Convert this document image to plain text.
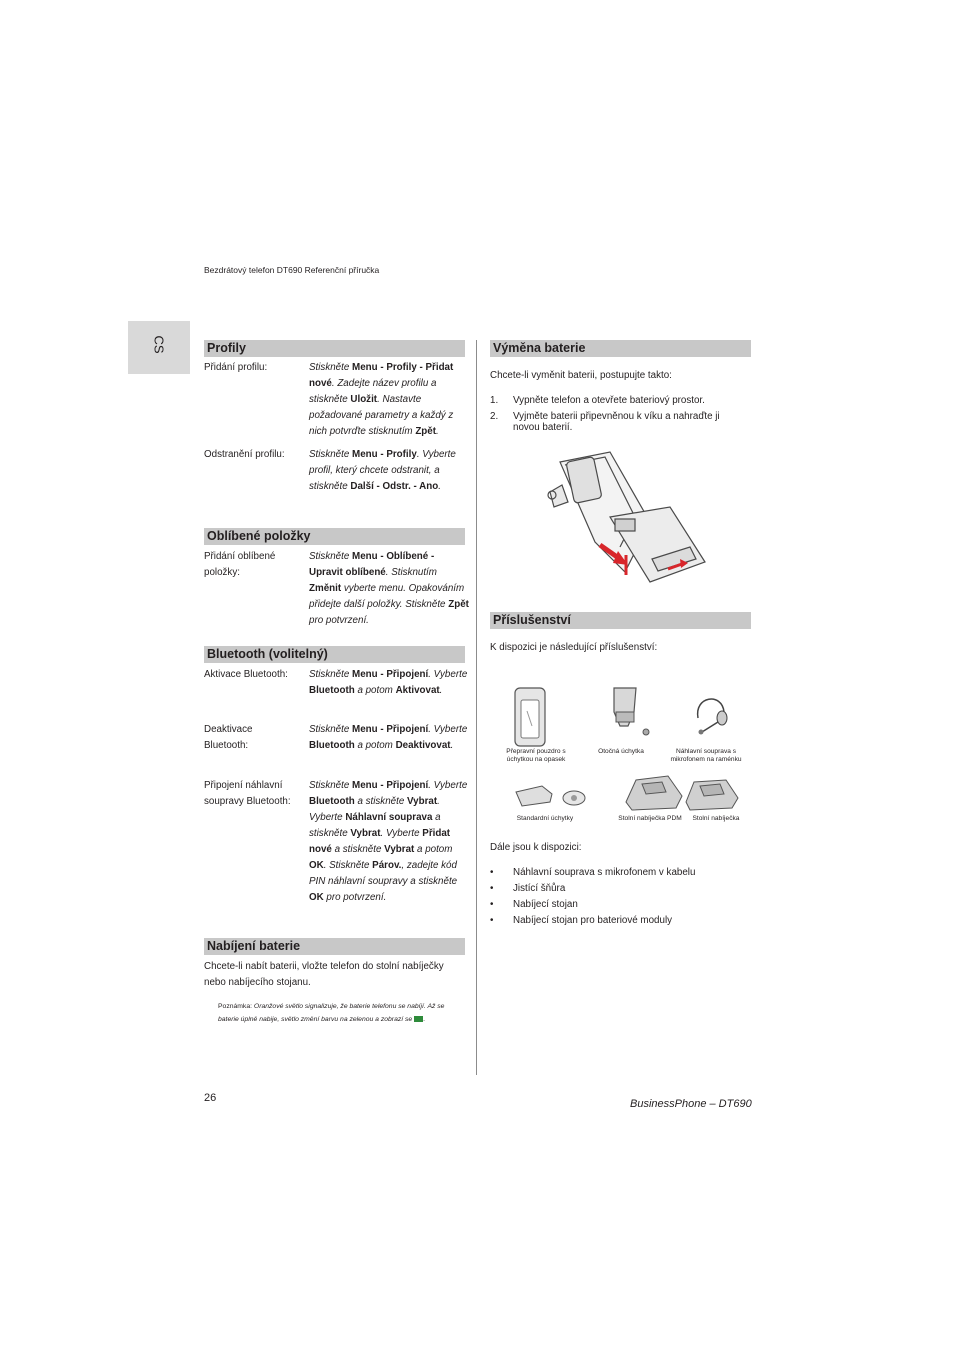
Bezdrátový telefon DT690 Referenční příručka
CS	Profily
Přidání profilu:	Stiskněte Menu - Profily - Přidat nové. Zadejte název profilu a stiskněte Uložit. Nastavte požadované parametry a každý z nich potvrďte stisknutím Zpět.
Odstranění profilu:	Stiskněte Menu - Profily. Vyberte profil, který chcete odstranit, a stiskněte Další - Odstr. - Ano.
Oblíbené položky
Přidání oblíbené položky:
Stiskněte Menu - Oblíbené - Upravit oblíbené. Stisknutím Změnit vyberte menu. Opakováním přidejte další položky. Stiskněte Zpět pro potvrzení.
Bluetooth (volitelný)
Aktivace Bluetooth:	Stiskněte Menu - Připojení. Vyberte Bluetooth a potom Aktivovat.
Deaktivace Bluetooth:
Stiskněte Menu - Připojení. Vyberte Bluetooth a potom Deaktivovat.
Připojení náhlavní soupravy Bluetooth:
Stiskněte Menu - Připojení. Vyberte Bluetooth a stiskněte Vybrat. Vyberte Náhlavní souprava a stiskněte Vybrat. Vyberte Přidat nové a stiskněte Vybrat a potom OK. Stiskněte Párov., zadejte kód PIN náhlavní soupravy a stiskněte OK pro potvrzení.
Nabíjení baterie
Chcete-li nabít baterii, vložte telefon do stolní nabíječky nebo nabíjecího stojanu.
Poznámka: Oranžové světlo signalizuje, že baterie telefonu se nabíjí. Až se baterie úplně nabije, světlo změní barvu na zelenou a zobrazí se .
Výměna baterie
Chcete-li vyměnit baterii, postupujte takto:
1. Vypněte telefon a otevřete bateriový prostor.
2. Vyjměte baterii připevněnou k víku a nahraďte ji novou baterií.
Příslušenství
K dispozici je následující příslušenství:
Přepravní pouzdro s úchytkou na opasek
Otočná úchytka	Náhlavní souprava s mikrofonem na raménku
Standardní úchytky	Stolní nabíječka PDM	Stolní nabíječka
Dále jsou k dispozici:
• Náhlavní souprava s mikrofonem v kabelu
• Jistící šňůra
• Nabíjecí stojan
• Nabíjecí stojan pro bateriové moduly
26	BusinessPhone – DT690
